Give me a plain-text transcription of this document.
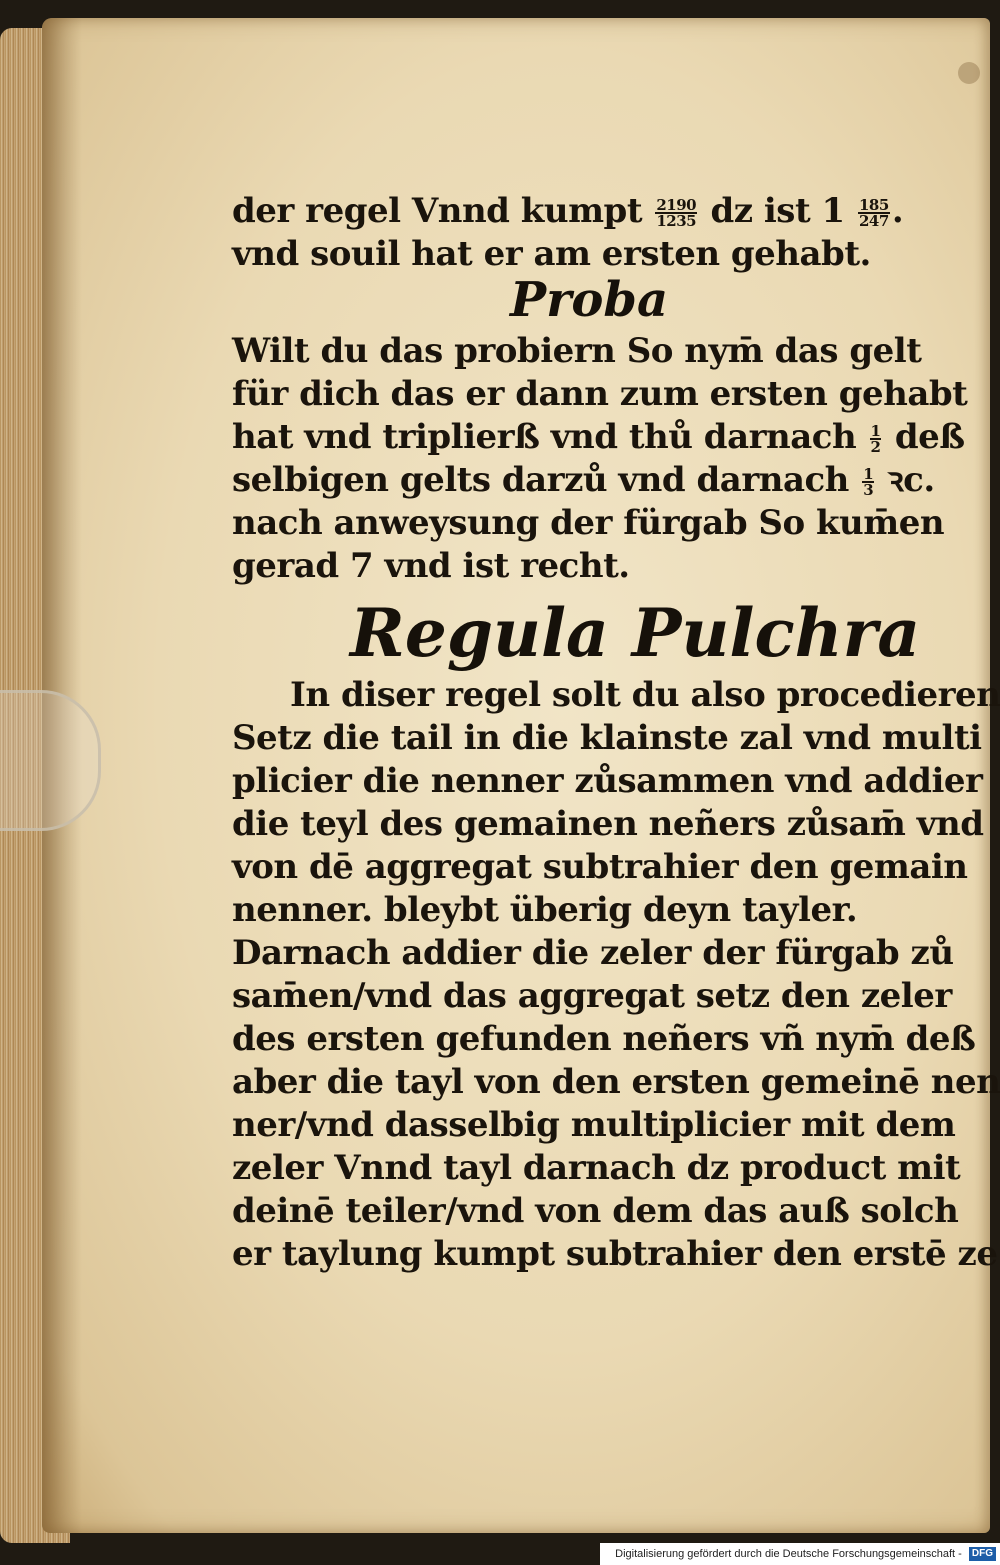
der regel Vnnd kumpt $\frac{2190}{1235}$ dz ist $1 \frac{185}{247}$ .
vnd souil hat er am ersten gehabt.
Proba
Wilt du das probiern So nym̄ das gelt
für dich das er dann zum ersten gehabt
hat vnd triplierß vnd thů darnach $\frac{1}{2}$ deß
selbigen gelts darzů vnd darnach $\frac{1}{3}$ ꝛc.
nach anweysung der fürgab So kum̄en
gerad 7 vnd ist recht.
Regula Pulchra
In diser regel solt du also procedieren
Setz die tail in die klainste zal vnd multi
plicier die nenner zůsammen vnd addier
die teyl des gemainen neñers zůsam̄ vnd
von dē aggregat subtrahier den gemain
nenner. bleybt überig deyn tayler.
Darnach addier die zeler der fürgab zů
sam̄en/vnd das aggregat setz den zeler
des ersten gefunden neñers vñ nym̄ deß
aber die tayl von den ersten gemeinē nen
ner/vnd dasselbig multiplicier mit dem
zeler Vnnd tayl darnach dz product mit
deinē teiler/vnd von dem das auß solch
er taylung kumpt subtrahier den erstē ze
Digitalisierung gefördert durch die Deutsche Forschungsgemeinschaft - DFG
